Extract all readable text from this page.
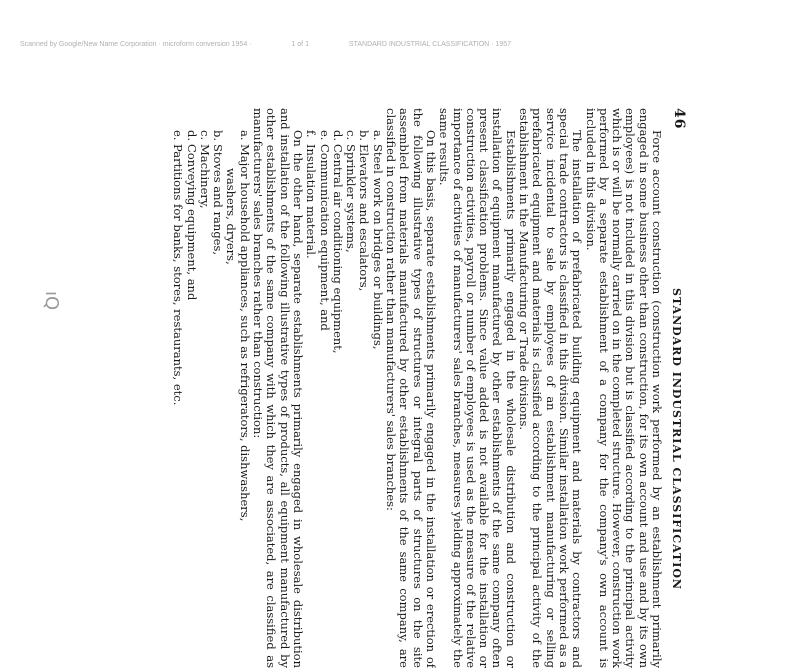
Scanned by Google/New Name Corporation · microform conversion 1954 ·	1 of 1	STANDARD INDUSTRIAL CLASSIFICATION · 1957
ıQ
46
STANDARD INDUSTRIAL CLASSIFICATION

Force account construction (construction work performed by an establishment primarily engaged in some business other than construction, for its own account and use and by its own employees) is not included in this division but is classified according to the principal activity which is or will be normally carried on in the completed structure. However, construction work performed by a separate establishment of a company for the company's own account is included in this division.

The installation of prefabricated building equipment and materials by contractors and special trade contractors is classified in this division. Similar installation work performed as a service incidental to sale by employees of an establishment manufacturing or selling prefabricated equipment and materials is classified according to the principal activity of the establishment in the Manufacturing or Trade divisions.

Establishments primarily engaged in the wholesale distribution and construction or installation of equipment manufactured by other establishments of the same company often present classification problems. Since value added is not available for the installation or construction activities, payroll or number of employees is used as the measure of the relative importance of activities of manufacturers' sales branches, measures yielding approximately the same results.

On this basis, separate establishments primarily engaged in the installation or erection of the following illustrative types of structures or integral parts of structures on the site assembled from materials manufactured by other establishments of the same company, are classified in construction rather than manufacturers' sales branches:

a.Steel work on bridges or buildings,
b.Elevators and escalators,
c.Sprinkler systems,
d.Central air conditioning equipment,
e.Communication equipment, and
f.Insulation material.

On the other hand, separate establishments primarily engaged in wholesale distribution and installation of the following illustrative types of products, all equipment manufactured by other establishments of the same company with which they are associated, are classified as manufacturers' sales branches rather than construction:

a.Major household appliances, such as refrigerators, dishwashers,
washers, dryers,
b.Stoves and ranges,
c.Machinery,
d.Conveying equipment, and
e.Partitions for banks, stores, restaurants, etc.
